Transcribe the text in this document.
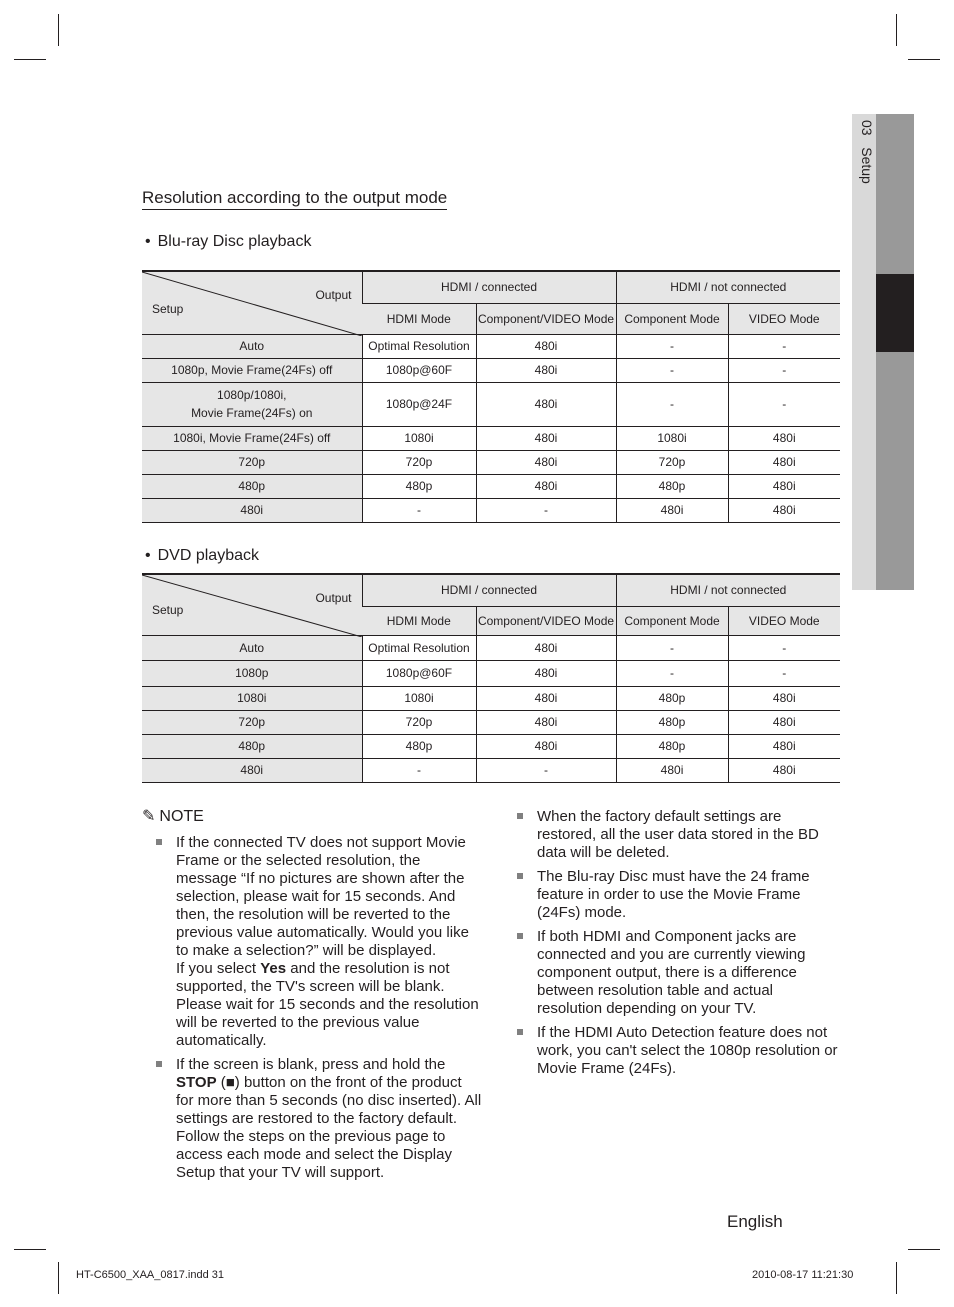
03   Setup
Resolution according to the output mode
• Blu-ray Disc playback
Output
Setup	HDMI / connected		HDMI / not connected	
	HDMI Mode	Component/VIDEO Mode	Component Mode	VIDEO Mode
Auto	Optimal Resolution	480i	-	-
1080p, Movie Frame(24Fs) off	1080p@60F	480i	-	-

1080p/1080i,
Movie Frame(24Fs) on	1080p@24F	480i	-	-
1080i, Movie Frame(24Fs) off	1080i	480i	1080i	480i
720p	720p	480i	720p	480i
480p	480p	480i	480p	480i
480i	-	-	480i	480i
• DVD playback
Output
Setup	HDMI / connected		HDMI / not connected	
	HDMI Mode	Component/VIDEO Mode	Component Mode	VIDEO Mode
Auto	Optimal Resolution	480i	-	-
1080p	1080p@60F	480i	-	-
1080i	1080i	480i	480p	480i
720p	720p	480i	480p	480i
480p	480p	480i	480p	480i
480i	-	-	480i	480i
✎ NOTE
If the connected TV does not support Movie Frame or the selected resolution, the message “If no pictures are shown after the selection, please wait for 15 seconds. And then, the resolution will be reverted to the previous value automatically. Would you like to make a selection?” will be displayed.
If you select Yes and the resolution is not supported, the TV's screen will be blank. Please wait for 15 seconds and the resolution will be reverted to the previous value automatically.
If the screen is blank, press and hold the STOP (■) button on the front of the product for more than 5 seconds (no disc inserted). All settings are restored to the factory default. Follow the steps on the previous page to access each mode and select the Display Setup that your TV will support.
When the factory default settings are restored, all the user data stored in the BD data will be deleted.
The Blu-ray Disc must have the 24 frame feature in order to use the Movie Frame (24Fs) mode.
If both HDMI and Component jacks are connected and you are currently viewing component output, there is a difference between resolution table and actual resolution depending on your TV.
If the HDMI Auto Detection feature does not work, you can't select the 1080p resolution or Movie Frame (24Fs).
English
HT-C6500_XAA_0817.indd 31	2010-08-17 11:21:30
